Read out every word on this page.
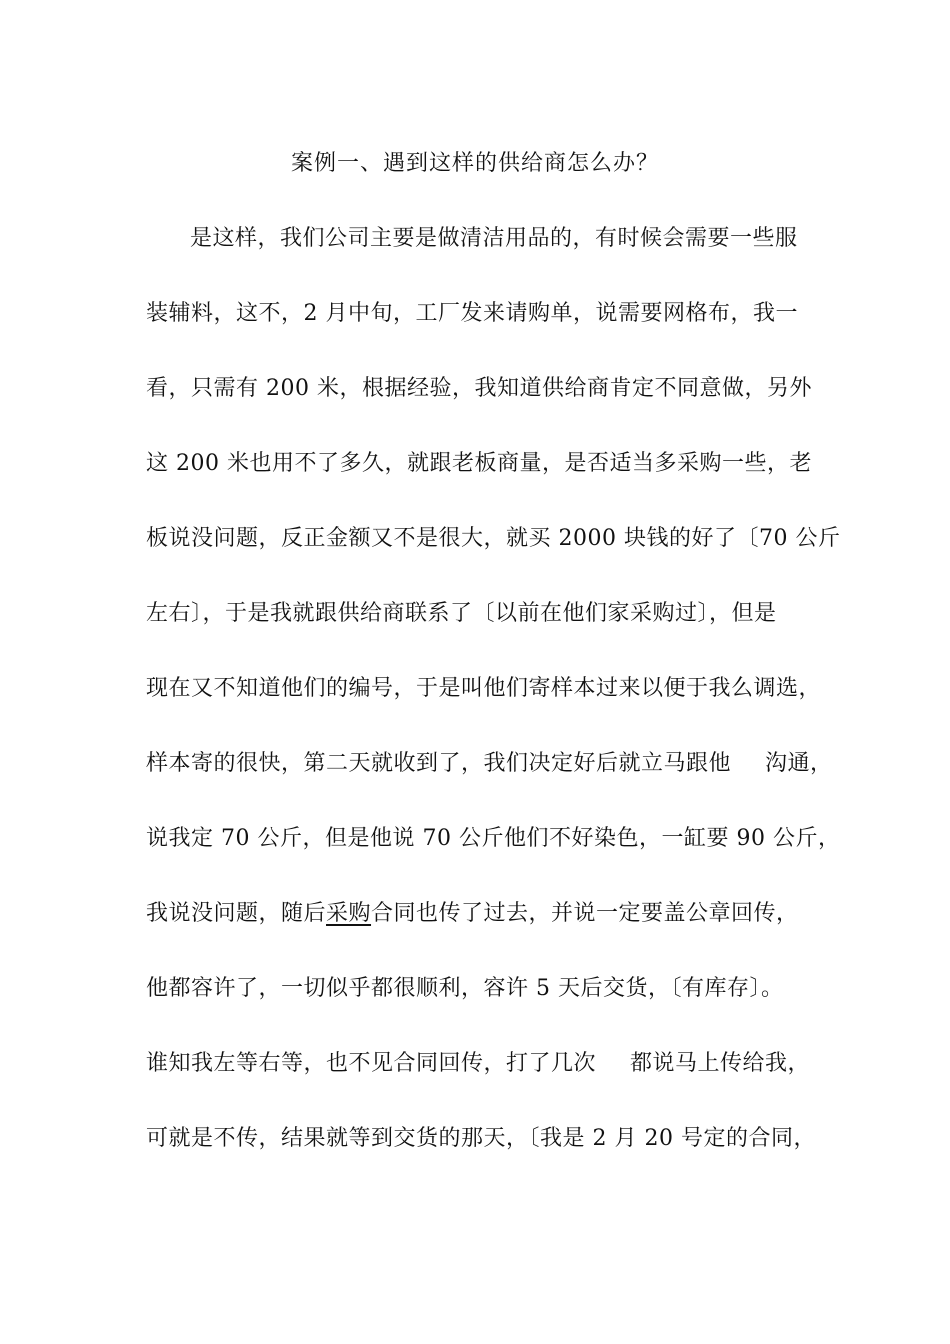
案例一、遇到这样的供给商怎么办？
是这样，我们公司主要是做清洁用品的，有时候会需要一些服
装辅料，这不，2 月中旬，工厂发来请购单，说需要网格布，我一
看，只需有 200 米，根据经验，我知道供给商肯定不同意做，另外
这 200 米也用不了多久，就跟老板商量，是否适当多采购一些，老
板说没问题，反正金额又不是很大，就买 2000 块钱的好了〔70 公斤
左右〕，于是我就跟供给商联系了〔以前在他们家采购过〕，但是
现在又不知道他们的编号，于是叫他们寄样本过来以便于我么调选，
样本寄的很快，第二天就收到了，我们决定好后就立马跟他 沟通，
说我定 70 公斤，但是他说 70 公斤他们不好染色，一缸要 90 公斤，
我说没问题，随后采购合同也传了过去，并说一定要盖公章回传，
他都容许了，一切似乎都很顺利，容许 5 天后交货，〔有库存〕。
谁知我左等右等，也不见合同回传，打了几次 都说马上传给我，
可就是不传，结果就等到交货的那天，〔我是 2 月 20 号定的合同，
